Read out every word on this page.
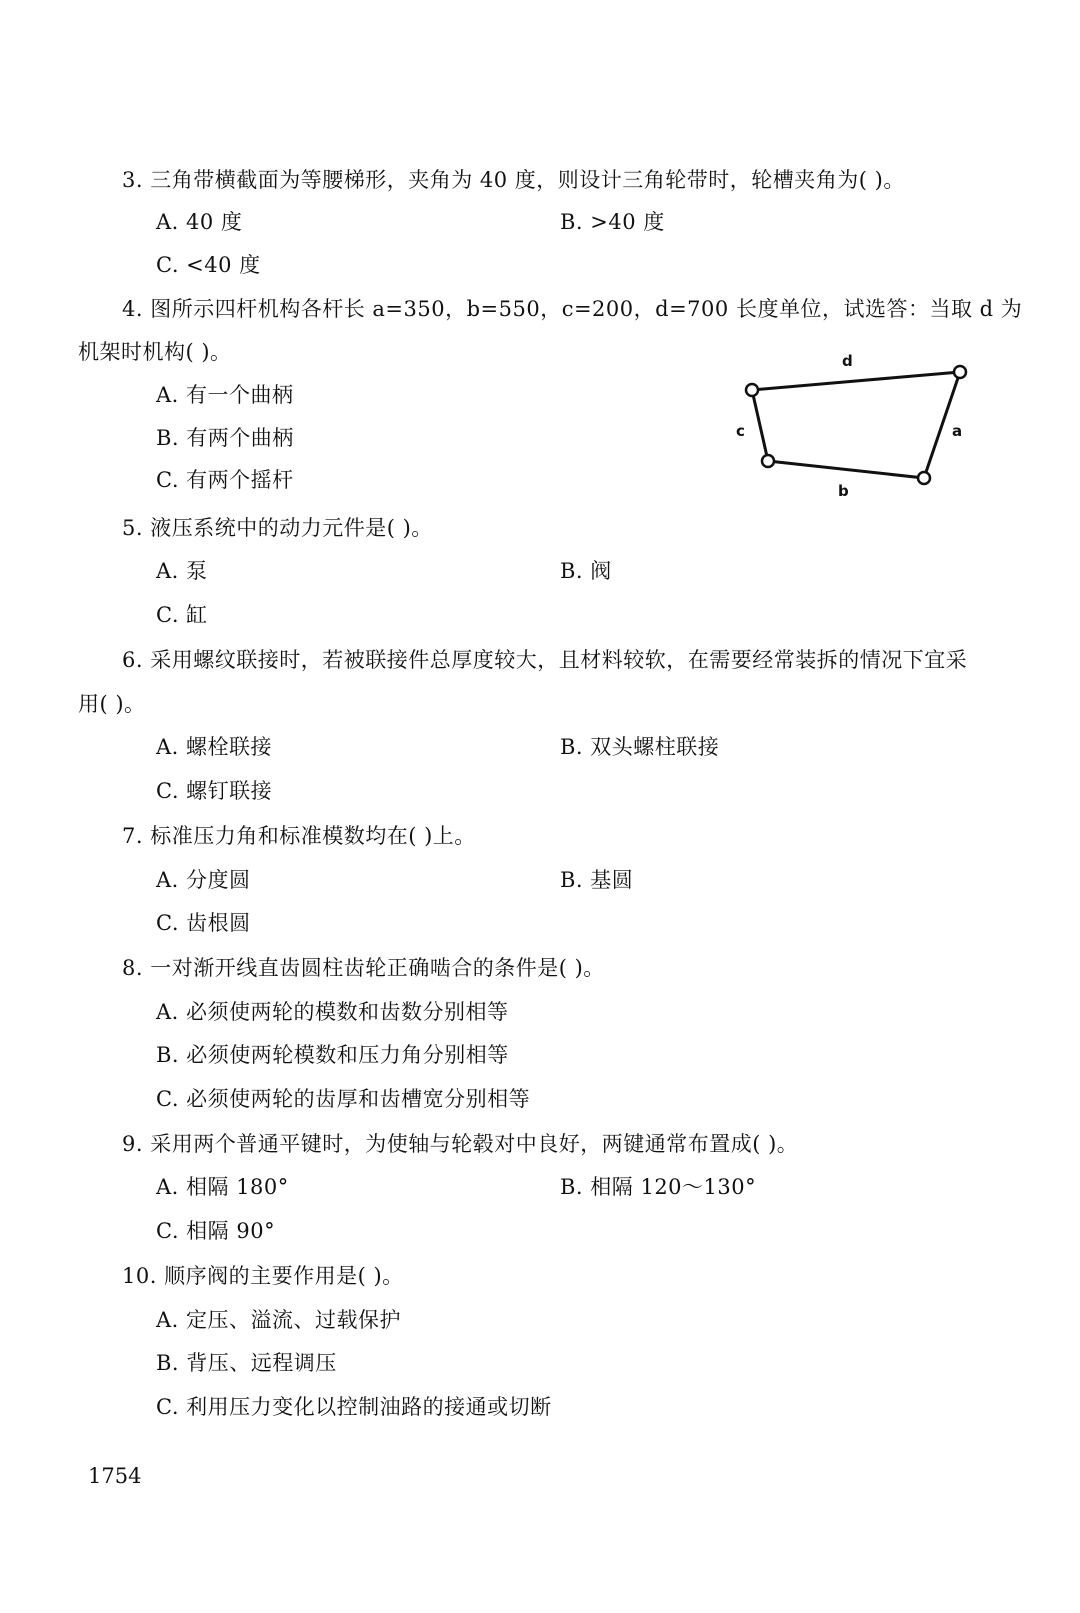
3. 三角带横截面为等腰梯形，夹角为 40 度，则设计三角轮带时，轮槽夹角为( )。
A. 40 度	B. >40 度
C. <40 度
4. 图所示四杆机构各杆长 a=350，b=550，c=200，d=700 长度单位，试选答：当取 d 为
机架时机构( )。
A. 有一个曲柄
B. 有两个曲柄
C. 有两个摇杆
d
c	a
b
5. 液压系统中的动力元件是( )。
A. 泵	B. 阀
C. 缸
6. 采用螺纹联接时，若被联接件总厚度较大，且材料较软，在需要经常装拆的情况下宜采
用( )。
A. 螺栓联接	B. 双头螺柱联接
C. 螺钉联接
7. 标准压力角和标准模数均在( )上。
A. 分度圆	B. 基圆
C. 齿根圆
8. 一对渐开线直齿圆柱齿轮正确啮合的条件是( )。
A. 必须使两轮的模数和齿数分别相等
B. 必须使两轮模数和压力角分别相等
C. 必须使两轮的齿厚和齿槽宽分别相等
9. 采用两个普通平键时，为使轴与轮毂对中良好，两键通常布置成( )。
A. 相隔 180°	B. 相隔 120～130°
C. 相隔 90°
10. 顺序阀的主要作用是( )。
A. 定压、溢流、过载保护
B. 背压、远程调压
C. 利用压力变化以控制油路的接通或切断
1754
